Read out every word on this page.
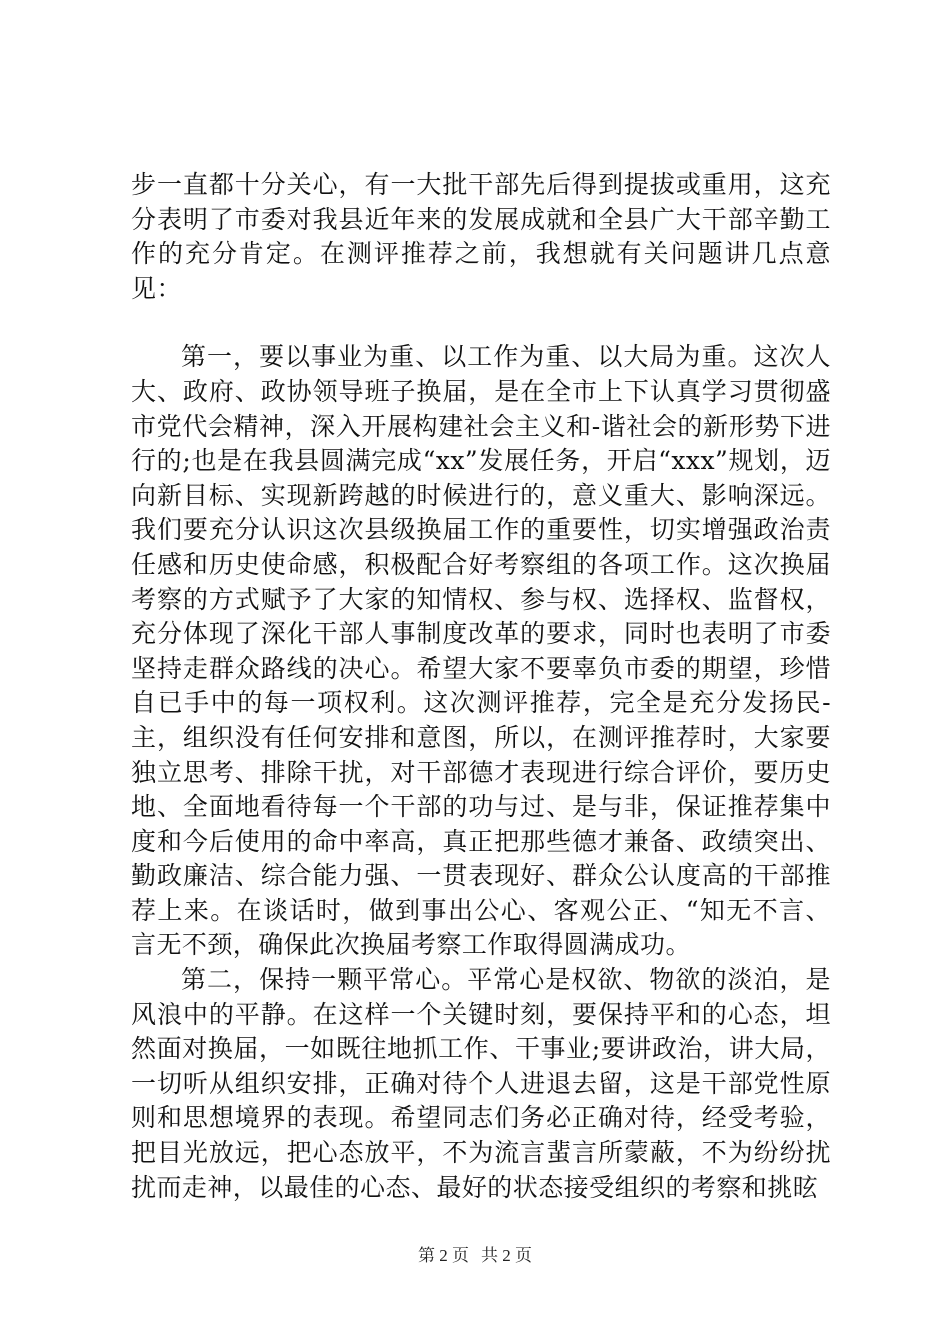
步一直都十分关心，有一大批干部先后得到提拔或重用，这充分表明了市委对我县近年来的发展成就和全县广大干部辛勤工作的充分肯定。在测评推荐之前，我想就有关问题讲几点意见：

第一，要以事业为重、以工作为重、以大局为重。这次人大、政府、政协领导班子换届，是在全市上下认真学习贯彻盛市党代会精神，深入开展构建社会主义和-谐社会的新形势下进行的;也是在我县圆满完成“xx”发展任务，开启“xxx”规划，迈向新目标、实现新跨越的时候进行的，意义重大、影响深远。我们要充分认识这次县级换届工作的重要性，切实增强政治责任感和历史使命感，积极配合好考察组的各项工作。这次换届考察的方式赋予了大家的知情权、参与权、选择权、监督权，充分体现了深化干部人事制度改革的要求，同时也表明了市委坚持走群众路线的决心。希望大家不要辜负市委的期望，珍惜自已手中的每一项权利。这次测评推荐，完全是充分发扬民-主，组织没有任何安排和意图，所以，在测评推荐时，大家要独立思考、排除干扰，对干部德才表现进行综合评价，要历史地、全面地看待每一个干部的功与过、是与非，保证推荐集中度和今后使用的命中率高，真正把那些德才兼备、政绩突出、勤政廉洁、综合能力强、一贯表现好、群众公认度高的干部推荐上来。在谈话时，做到事出公心、客观公正、“知无不言、言无不颈，确保此次换届考察工作取得圆满成功。

第二，保持一颗平常心。平常心是权欲、物欲的淡泊，是风浪中的平静。在这样一个关键时刻，要保持平和的心态，坦然面对换届，一如既往地抓工作、干事业;要讲政治，讲大局，一切听从组织安排，正确对待个人进退去留，这是干部党性原则和思想境界的表现。希望同志们务必正确对待，经受考验，把目光放远，把心态放平，不为流言蜚言所蒙蔽，不为纷纷扰扰而走神，以最佳的心态、最好的状态接受组织的考察和挑昡

第 2 页 共 2 页
